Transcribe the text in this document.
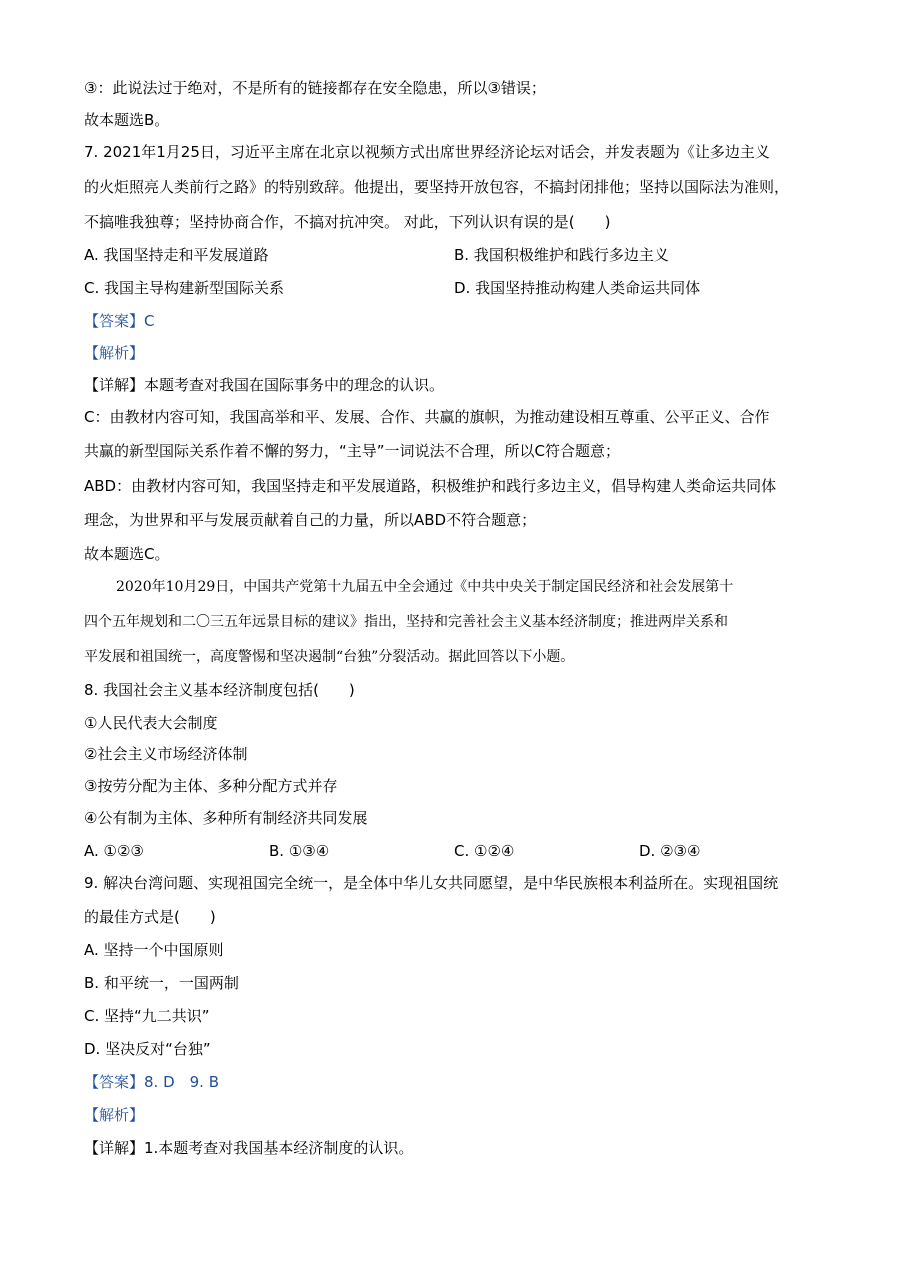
③：此说法过于绝对，不是所有的链接都存在安全隐患，所以③错误；
故本题选B。
7. 2021年1月25日，习近平主席在北京以视频方式出席世界经济论坛对话会，并发表题为《让多边主义
的火炬照亮人类前行之路》的特别致辞。他提出，要坚持开放包容，不搞封闭排他；坚持以国际法为准则，
不搞唯我独尊；坚持协商合作，不搞对抗冲突。 对此，下列认识有误的是(　　)
A. 我国坚持走和平发展道路	B. 我国积极维护和践行多边主义
C. 我国主导构建新型国际关系	D. 我国坚持推动构建人类命运共同体
【答案】C
【解析】
【详解】本题考查对我国在国际事务中的理念的认识。
C：由教材内容可知，我国高举和平、发展、合作、共赢的旗帜，为推动建设相互尊重、公平正义、合作
共赢的新型国际关系作着不懈的努力，“主导”一词说法不合理，所以C符合题意；
ABD：由教材内容可知，我国坚持走和平发展道路，积极维护和践行多边主义，倡导构建人类命运共同体
理念，为世界和平与发展贡献着自己的力量，所以ABD不符合题意；
故本题选C。
2020年10月29日，中国共产党第十九届五中全会通过《中共中央关于制定国民经济和社会发展第十
四个五年规划和二〇三五年远景目标的建议》指出，坚持和完善社会主义基本经济制度；推进两岸关系和
平发展和祖国统一，高度警惕和坚决遏制“台独”分裂活动。据此回答以下小题。
8. 我国社会主义基本经济制度包括(　　)
①人民代表大会制度
②社会主义市场经济体制
③按劳分配为主体、多种分配方式并存
④公有制为主体、多种所有制经济共同发展
A. ①②③	B. ①③④	C. ①②④	D. ②③④
9. 解决台湾问题、实现祖国完全统一，是全体中华儿女共同愿望，是中华民族根本利益所在。实现祖国统
的最佳方式是(　　)
A. 坚持一个中国原则
B. 和平统一，一国两制
C. 坚持“九二共识”
D. 坚决反对“台独”
【答案】8. D　9. B
【解析】
【详解】1.本题考查对我国基本经济制度的认识。
